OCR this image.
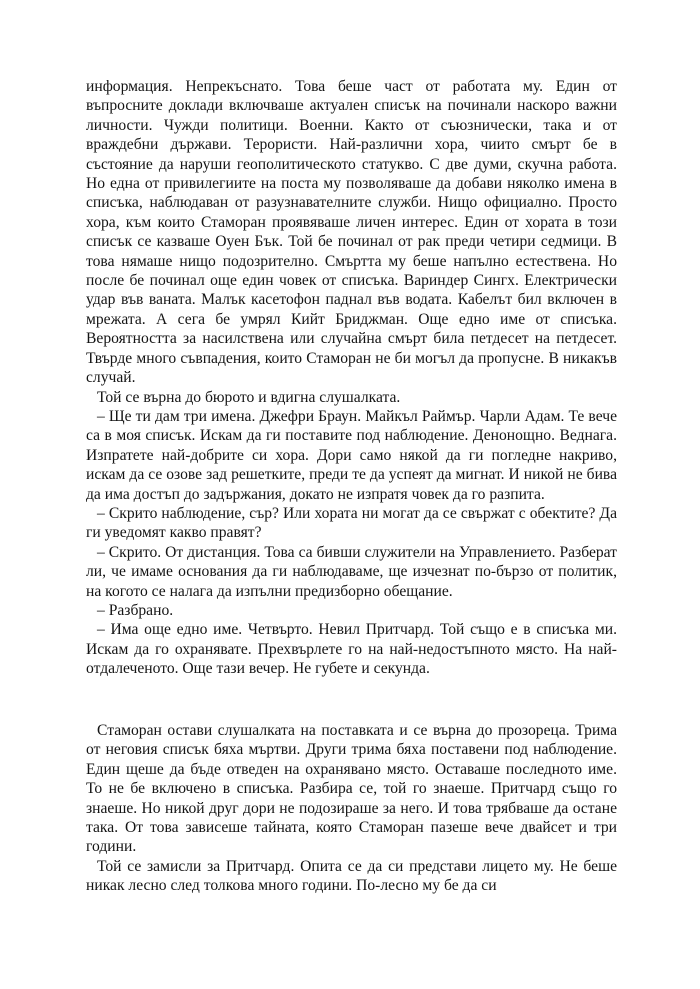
информация. Непрекъснато. Това беше част от работата му. Един от въпросните доклади включваше актуален списък на починали наскоро важни личности. Чужди политици. Военни. Както от съюзнически, така и от враждебни държави. Терористи. Най-различни хора, чиито смърт бе в състояние да наруши геополитическото статукво. С две думи, скучна работа. Но една от привилегиите на поста му позволяваше да добави няколко имена в списъка, наблюдаван от разузнавателните служби. Нищо официално. Просто хора, към които Стаморан проявяваше личен интерес. Един от хората в този списък се казваше Оуен Бък. Той бе починал от рак преди четири седмици. В това нямаше нищо подозрително. Смъртта му беше напълно естествена. Но после бе починал още един човек от списъка. Вариндер Сингх. Електрически удар във ваната. Малък касетофон паднал във водата. Кабелът бил включен в мрежата. А сега бе умрял Кийт Бриджман. Още едно име от списъка. Вероятността за насилствена или случайна смърт била петдесет на петдесет. Твърде много съвпадения, които Стаморан не би могъл да пропусне. В никакъв случай.

Той се върна до бюрото и вдигна слушалката.

– Ще ти дам три имена. Джефри Браун. Майкъл Раймър. Чарли Адам. Те вече са в моя списък. Искам да ги поставите под наблюдение. Денонощно. Веднага. Изпратете най-добрите си хора. Дори само някой да ги погледне накриво, искам да се озове зад решетките, преди те да успеят да мигнат. И никой не бива да има достъп до задържания, докато не изпратя човек да го разпита.

– Скрито наблюдение, сър? Или хората ни могат да се свържат с обектите? Да ги уведомят какво правят?

– Скрито. От дистанция. Това са бивши служители на Управлението. Разберат ли, че имаме основания да ги наблюдаваме, ще изчезнат по-бързо от политик, на когото се налага да изпълни предизборно обещание.

– Разбрано.

– Има още едно име. Четвърто. Невил Притчард. Той също е в списъка ми. Искам да го охранявате. Прехвърлете го на най-недостъпното място. На най-отдалеченото. Още тази вечер. Не губете и секунда.

Стаморан остави слушалката на поставката и се върна до прозореца. Трима от неговия списък бяха мъртви. Други трима бяха поставени под наблюдение. Един щеше да бъде отведен на охранявано място. Оставаше последното име. То не бе включено в списъка. Разбира се, той го знаеше. Притчард също го знаеше. Но никой друг дори не подозираше за него. И това трябваше да остане така. От това зависеше тайната, която Стаморан пазеше вече двайсет и три години.

Той се замисли за Притчард. Опита се да си представи лицето му. Не беше никак лесно след толкова много години. По-лесно му бе да си
